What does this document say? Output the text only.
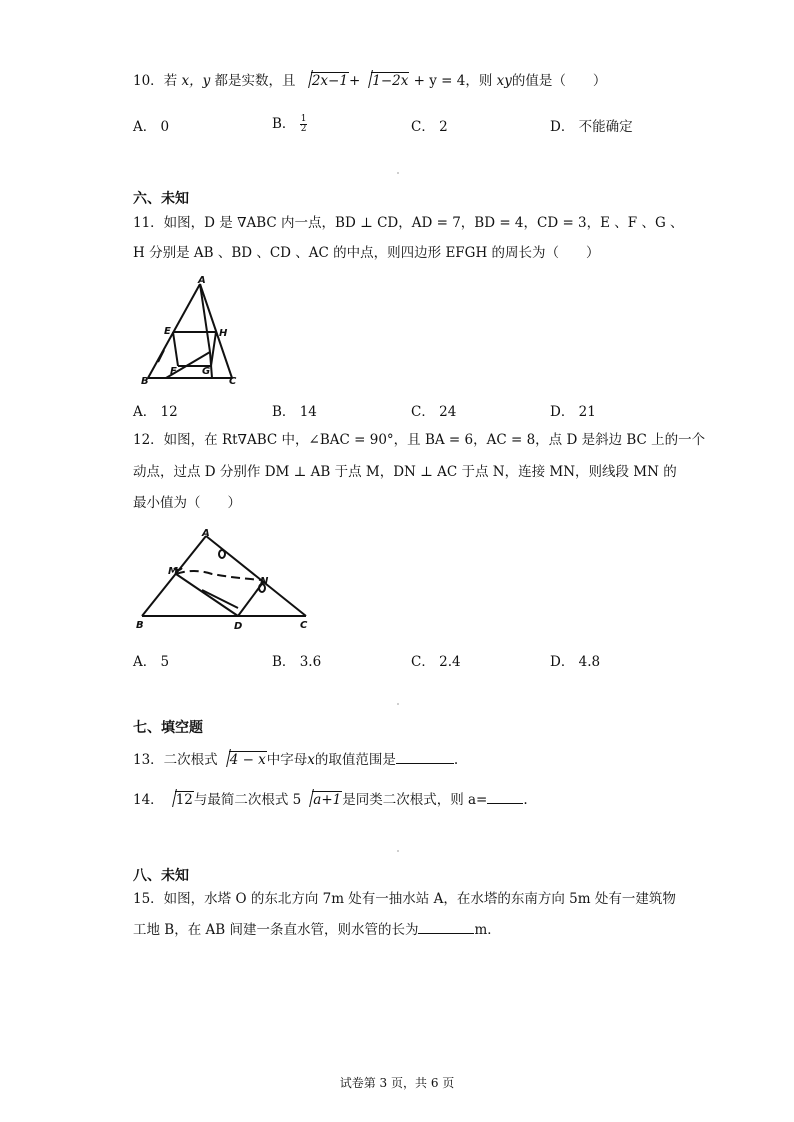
10．若 x，y 都是实数，且 2x−1+ 1−2x + y = 4，则 xy的值是（　　）
A． 0	B． $\frac{1}{2}$	C． 2	D． 不能确定
六、未知
11．如图，D 是 ∇ABC 内一点，BD ⊥ CD，AD = 7，BD = 4，CD = 3，E 、F 、G 、
H 分别是 AB 、BD 、CD 、AC 的中点，则四边形 EFGH 的周长为（　　）
A
E	H
F	G
B	C
A． 12	B． 14	C． 24	D． 21
12．如图，在 Rt∇ABC 中，∠BAC = 90°，且 BA = 6，AC = 8，点 D 是斜边 BC 上的一个
动点，过点 D 分别作 DM ⊥ AB 于点 M，DN ⊥ AC 于点 N，连接 MN，则线段 MN 的
最小值为（　　）
A
M
N
B	D	C
A． 5	B． 3.6	C． 2.4	D． 4.8
七、填空题
13．二次根式 4 − x中字母x的取值范围是	.
14． 12与最简二次根式 5 a+1是同类二次根式，则 a=	.
八、未知
15．如图，水塔 O 的东北方向 7m 处有一抽水站 A，在水塔的东南方向 5m 处有一建筑物
工地 B，在 AB 间建一条直水管，则水管的长为	m．
试卷第 3 页，共 6 页
